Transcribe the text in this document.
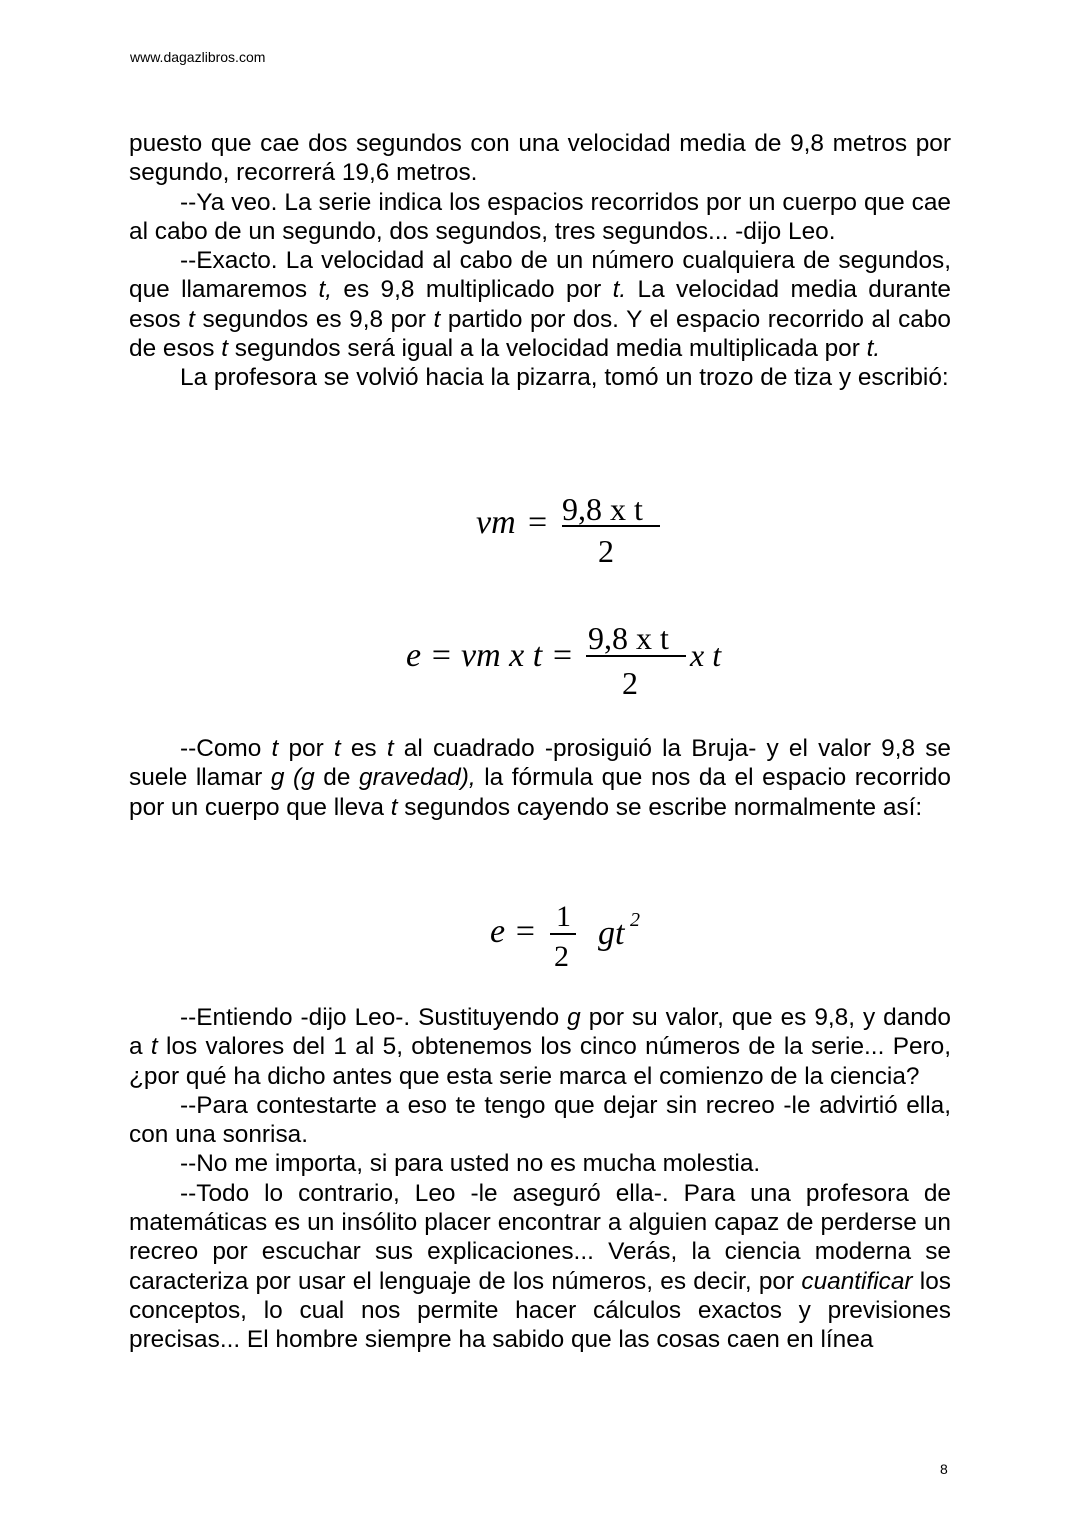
www.dagazlibros.com

puesto que cae dos segundos con una velocidad media de 9,8 metros por segundo, recorrerá 19,6 metros.

--Ya veo. La serie indica los espacios recorridos por un cuerpo que cae al cabo de un segundo, dos segundos, tres segundos... -dijo Leo.

--Exacto. La velocidad al cabo de un número cualquiera de segundos, que llamaremos t, es 9,8 multiplicado por t. La velocidad media durante esos t segundos es 9,8 por t partido por dos. Y el espacio recorrido al cabo de esos t segundos será igual a la velocidad media multiplicada por t.

La profesora se volvió hacia la pizarra, tomó un trozo de tiza y escribió:

vm = 9,8 x t
2
e = vm x t = 9,8 x t
2
x t

--Como t por t es t al cuadrado -prosiguió la Bruja- y el valor 9,8 se suele llamar g (g de gravedad), la fórmula que nos da el espacio recorrido por un cuerpo que lleva t segundos cayendo se escribe normalmente así:

e = 1
2
gt 2

--Entiendo -dijo Leo-. Sustituyendo g por su valor, que es 9,8, y dando a t los valores del 1 al 5, obtenemos los cinco números de la serie... Pero, ¿por qué ha dicho antes que esta serie marca el comienzo de la ciencia?

--Para contestarte a eso te tengo que dejar sin recreo -le advirtió ella, con una sonrisa.

--No me importa, si para usted no es mucha molestia.

--Todo lo contrario, Leo -le aseguró ella-. Para una profesora de matemáticas es un insólito placer encontrar a alguien capaz de perderse un recreo por escuchar sus explicaciones... Verás, la ciencia moderna se caracteriza por usar el lenguaje de los números, es decir, por cuantificar los conceptos, lo cual nos permite hacer cálculos exactos y previsiones precisas... El hombre siempre ha sabido que las cosas caen en línea

8
